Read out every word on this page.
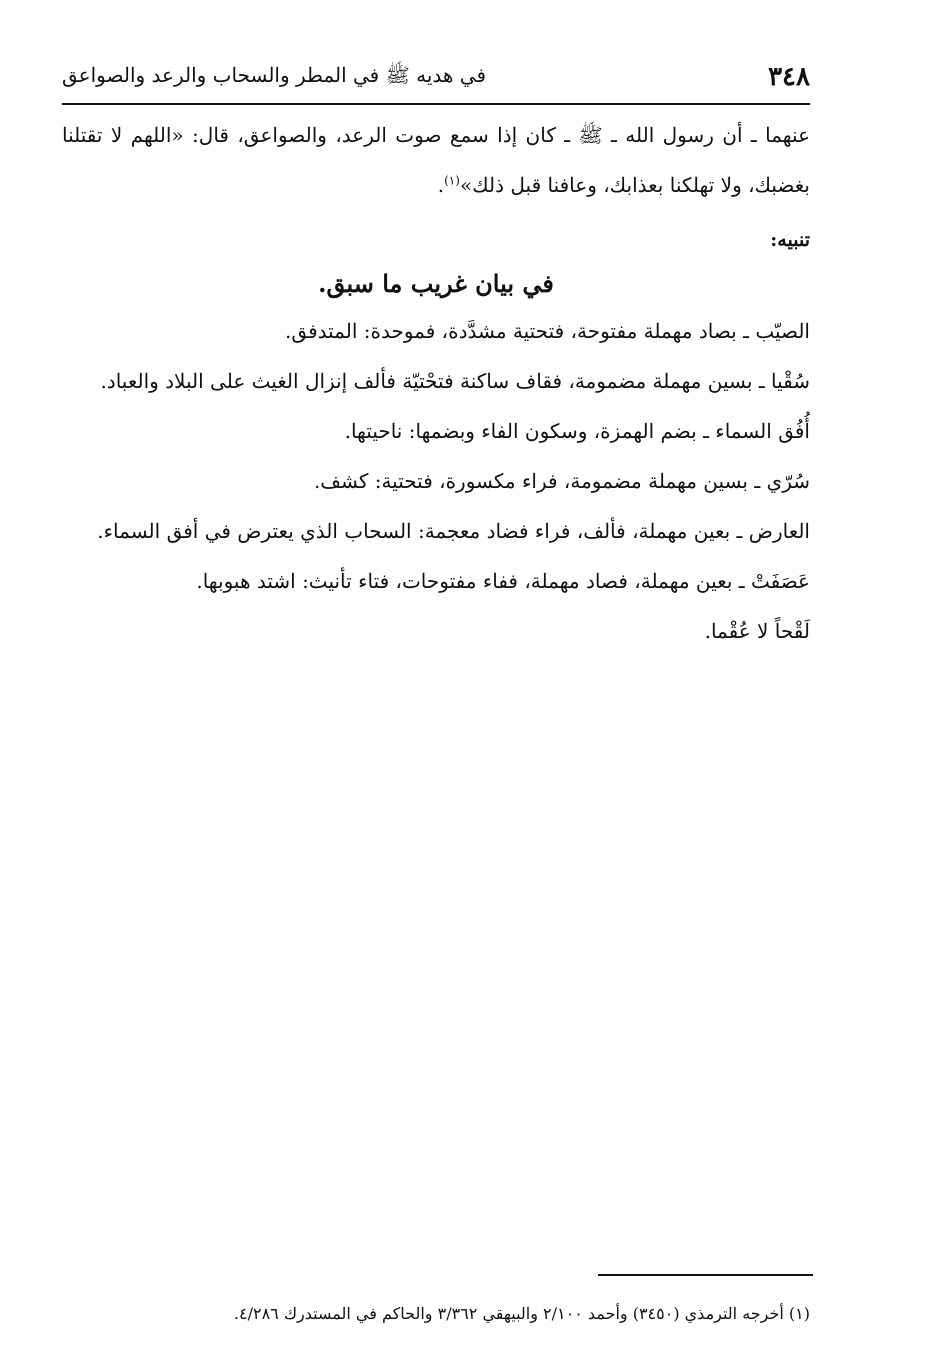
٣٤٨
في هديه ﷺ في المطر والسحاب والرعد والصواعق

عنهما ـ أن رسول الله ـ ﷺ ـ كان إذا سمع صوت الرعد، والصواعق، قال: «اللهم لا تقتلنا بغضبك، ولا تهلكنا بعذابك، وعافنا قبل ذلك»$^{(١)}$.

تنبيه:

في بيان غريب ما سبق.

الصيّب ـ بصاد مهملة مفتوحة، فتحتية مشدَّدة، فموحدة: المتدفق.

سُقْيا ـ بسين مهملة مضمومة، فقاف ساكنة فتحْتيّة فألف إنزال الغيث على البلاد والعباد.

أُفُق السماء ـ بضم الهمزة، وسكون الفاء وبضمها: ناحيتها.

سُرّي ـ بسين مهملة مضمومة، فراء مكسورة، فتحتية: كشف.

العارض ـ بعين مهملة، فألف، فراء فضاد معجمة: السحاب الذي يعترض في أفق السماء.

عَصَفَتْ ـ بعين مهملة، فصاد مهملة، ففاء مفتوحات، فتاء تأنيث: اشتد هبوبها.

لَقْحاً لا عُقْما.

(١) أخرجه الترمذي (٣٤٥٠) وأحمد ٢/١٠٠ والبيهقي ٣/٣٦٢ والحاكم في المستدرك ٤/٢٨٦.
